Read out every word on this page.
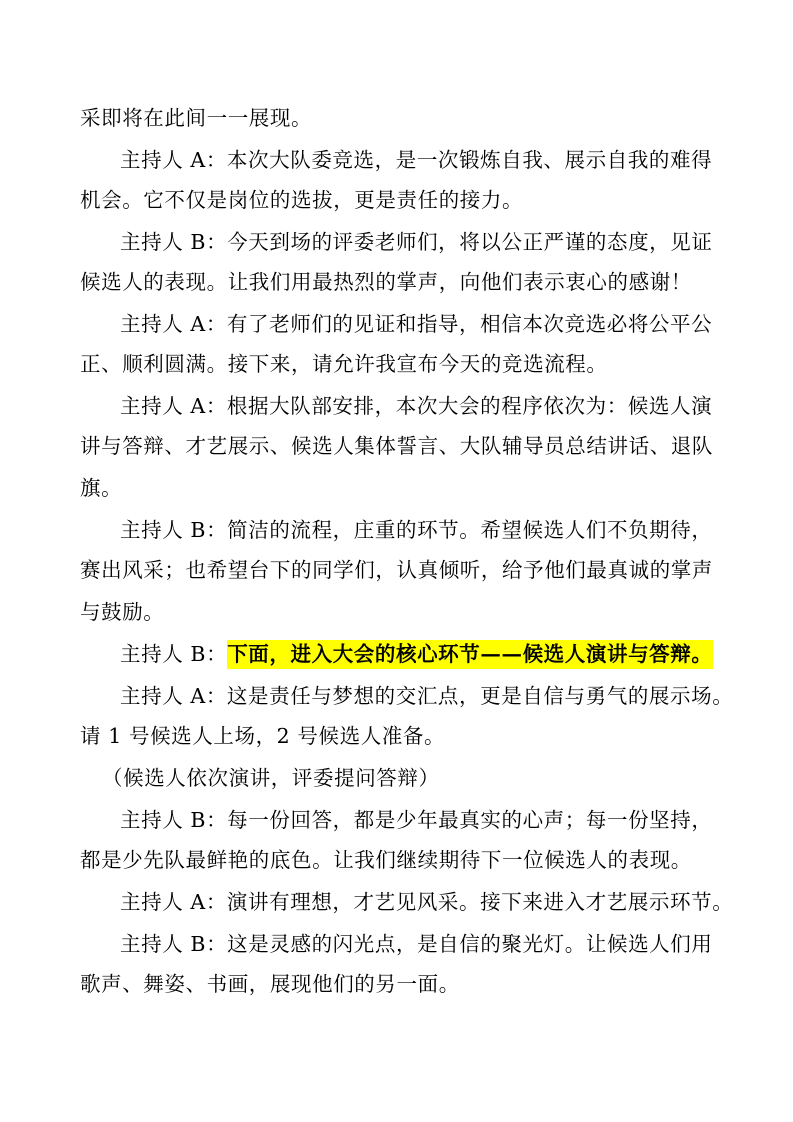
采即将在此间一一展现。
主持人 A：本次大队委竞选，是一次锻炼自我、展示自我的难得
机会。它不仅是岗位的选拔，更是责任的接力。
主持人 B：今天到场的评委老师们，将以公正严谨的态度，见证
候选人的表现。让我们用最热烈的掌声，向他们表示衷心的感谢！
主持人 A：有了老师们的见证和指导，相信本次竞选必将公平公
正、顺利圆满。接下来，请允许我宣布今天的竞选流程。
主持人 A：根据大队部安排，本次大会的程序依次为：候选人演
讲与答辩、才艺展示、候选人集体誓言、大队辅导员总结讲话、退队
旗。
主持人 B：简洁的流程，庄重的环节。希望候选人们不负期待，
赛出风采；也希望台下的同学们，认真倾听，给予他们最真诚的掌声
与鼓励。
主持人 B：下面，进入大会的核心环节——候选人演讲与答辩。
主持人 A：这是责任与梦想的交汇点，更是自信与勇气的展示场。
请 1 号候选人上场，2 号候选人准备。
（候选人依次演讲，评委提问答辩）
主持人 B：每一份回答，都是少年最真实的心声；每一份坚持，
都是少先队最鲜艳的底色。让我们继续期待下一位候选人的表现。
主持人 A：演讲有理想，才艺见风采。接下来进入才艺展示环节。
主持人 B：这是灵感的闪光点，是自信的聚光灯。让候选人们用
歌声、舞姿、书画，展现他们的另一面。
